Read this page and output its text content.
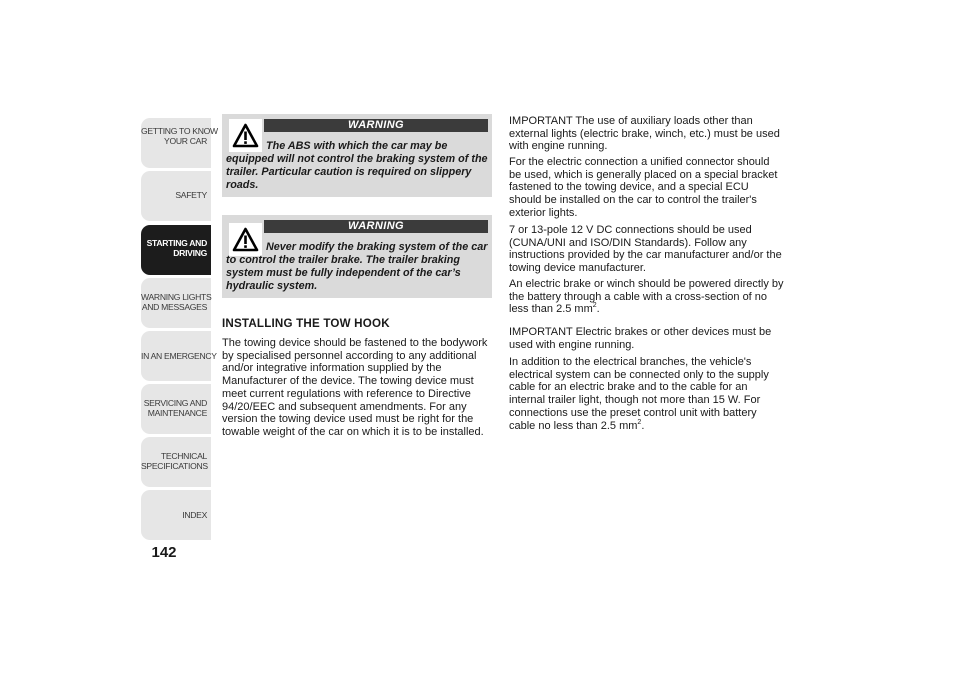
GETTING TO KNOW
YOUR CAR
SAFETY
STARTING AND
DRIVING
WARNING LIGHTS
AND MESSAGES
IN AN EMERGENCY
SERVICING AND
MAINTENANCE
TECHNICAL
SPECIFICATIONS
INDEX
142
WARNING
The ABS with which the car may be equipped will not control the braking system of the trailer. Particular caution is required on slippery roads.
WARNING
Never modify the braking system of the car to control the trailer brake. The trailer braking system must be fully independent of the car’s hydraulic system.
INSTALLING THE TOW HOOK

The towing device should be fastened to the bodywork by specialised personnel according to any additional and/or integrative information supplied by the Manufacturer of the device. The towing device must meet current regulations with reference to Directive 94/20/EEC and subsequent amendments. For any version the towing device used must be right for the towable weight of the car on which it is to be installed.

IMPORTANT The use of auxiliary loads other than external lights (electric brake, winch, etc.) must be used with engine running.

For the electric connection a unified connector should be used, which is generally placed on a special bracket fastened to the towing device, and a special ECU should be installed on the car to control the trailer's exterior lights.

7 or 13-pole 12 V DC connections should be used (CUNA/UNI and ISO/DIN Standards). Follow any instructions provided by the car manufacturer and/or the towing device manufacturer.

An electric brake or winch should be powered directly by the battery through a cable with a cross-section of no less than 2.5 $mm^2$.

IMPORTANT Electric brakes or other devices must be used with engine running.

In addition to the electrical branches, the vehicle's electrical system can be connected only to the supply cable for an electric brake and to the cable for an internal trailer light, though not more than 15 W. For connections use the preset control unit with battery cable no less than 2.5 $mm^2$.
